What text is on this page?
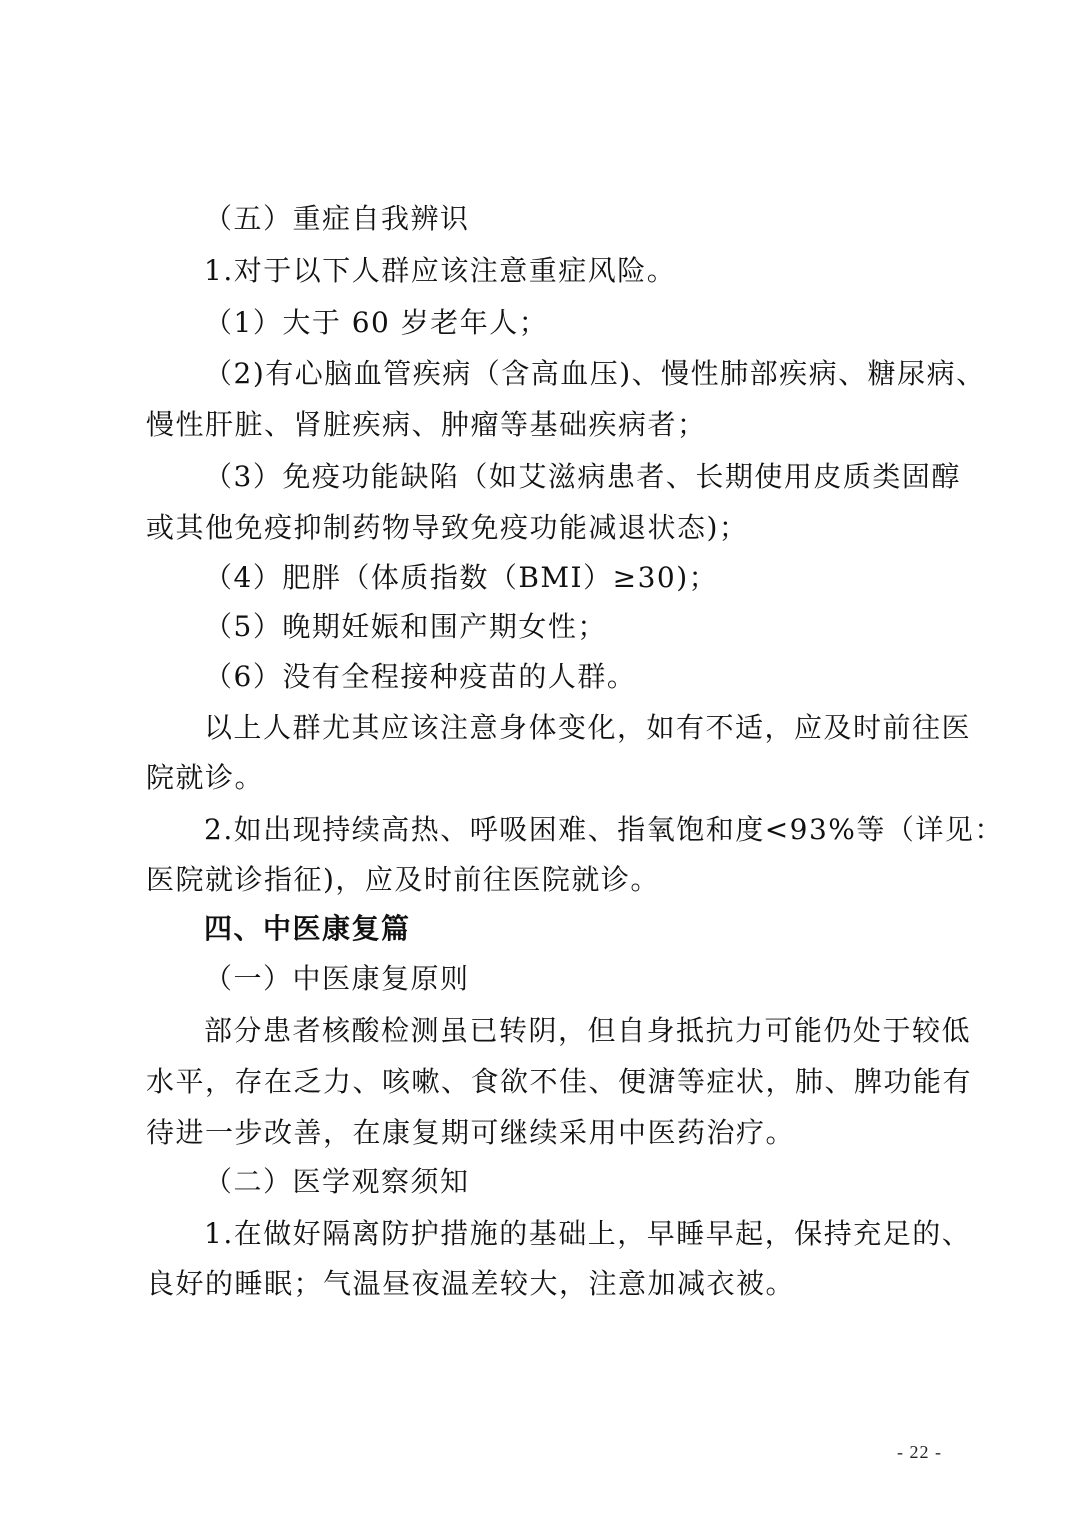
（五）重症自我辨识
1.对于以下人群应该注意重症风险。
（1）大于 60 岁老年人；
（2)有心脑血管疾病（含高血压)、慢性肺部疾病、糖尿病、
慢性肝脏、肾脏疾病、肿瘤等基础疾病者；
（3）免疫功能缺陷（如艾滋病患者、长期使用皮质类固醇
或其他免疫抑制药物导致免疫功能减退状态)；
（4）肥胖（体质指数（BMI）≥30)；
（5）晚期妊娠和围产期女性；
（6）没有全程接种疫苗的人群。
以上人群尤其应该注意身体变化，如有不适，应及时前往医
院就诊。
2.如出现持续高热、呼吸困难、指氧饱和度<93%等（详见：
医院就诊指征)，应及时前往医院就诊。
四、中医康复篇
（一）中医康复原则
部分患者核酸检测虽已转阴，但自身抵抗力可能仍处于较低
水平，存在乏力、咳嗽、食欲不佳、便溏等症状，肺、脾功能有
待进一步改善，在康复期可继续采用中医药治疗。
（二）医学观察须知
1.在做好隔离防护措施的基础上，早睡早起，保持充足的、
良好的睡眠；气温昼夜温差较大，注意加减衣被。
- 22 -
